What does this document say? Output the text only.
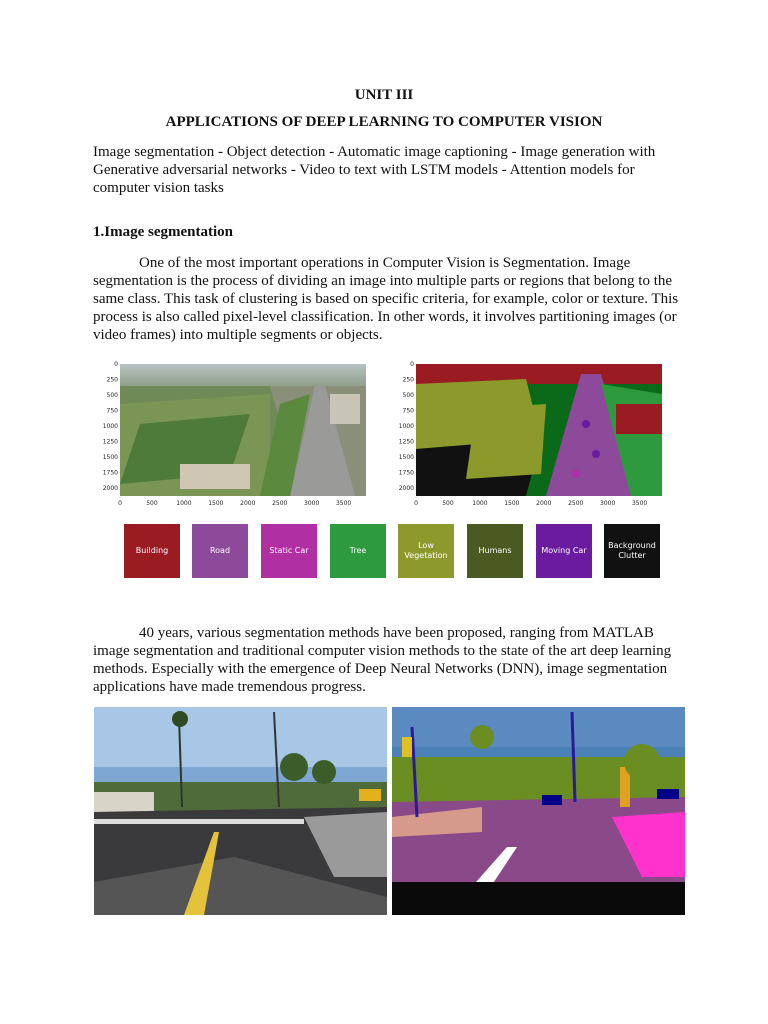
UNIT III
APPLICATIONS OF DEEP LEARNING TO COMPUTER VISION
Image segmentation - Object detection - Automatic image captioning - Image generation with Generative adversarial networks - Video to text with LSTM models - Attention models for computer vision tasks
1.Image segmentation
One of the most important operations in Computer Vision is Segmentation. Image segmentation is the process of dividing an image into multiple parts or regions that belong to the same class. This task of clustering is based on specific criteria, for example, color or texture. This process is also called pixel-level classification. In other words, it involves partitioning images (or video frames) into multiple segments or objects.
0
250
500
750
1000
1250
1500
1750
2000
0	500	1000	1500	2000	2500	3000	3500
0
250
500
750
1000
1250
1500
1750
2000
0	500	1000	1500	2000	2500	3000	3500
Building	Road	Static Car	Tree
Low Vegetation
Humans	Moving Car
Background Clutter
40 years, various segmentation methods have been proposed, ranging from MATLAB image segmentation and traditional computer vision methods to the state of the art deep learning methods. Especially with the emergence of Deep Neural Networks (DNN), image segmentation applications have made tremendous progress.
